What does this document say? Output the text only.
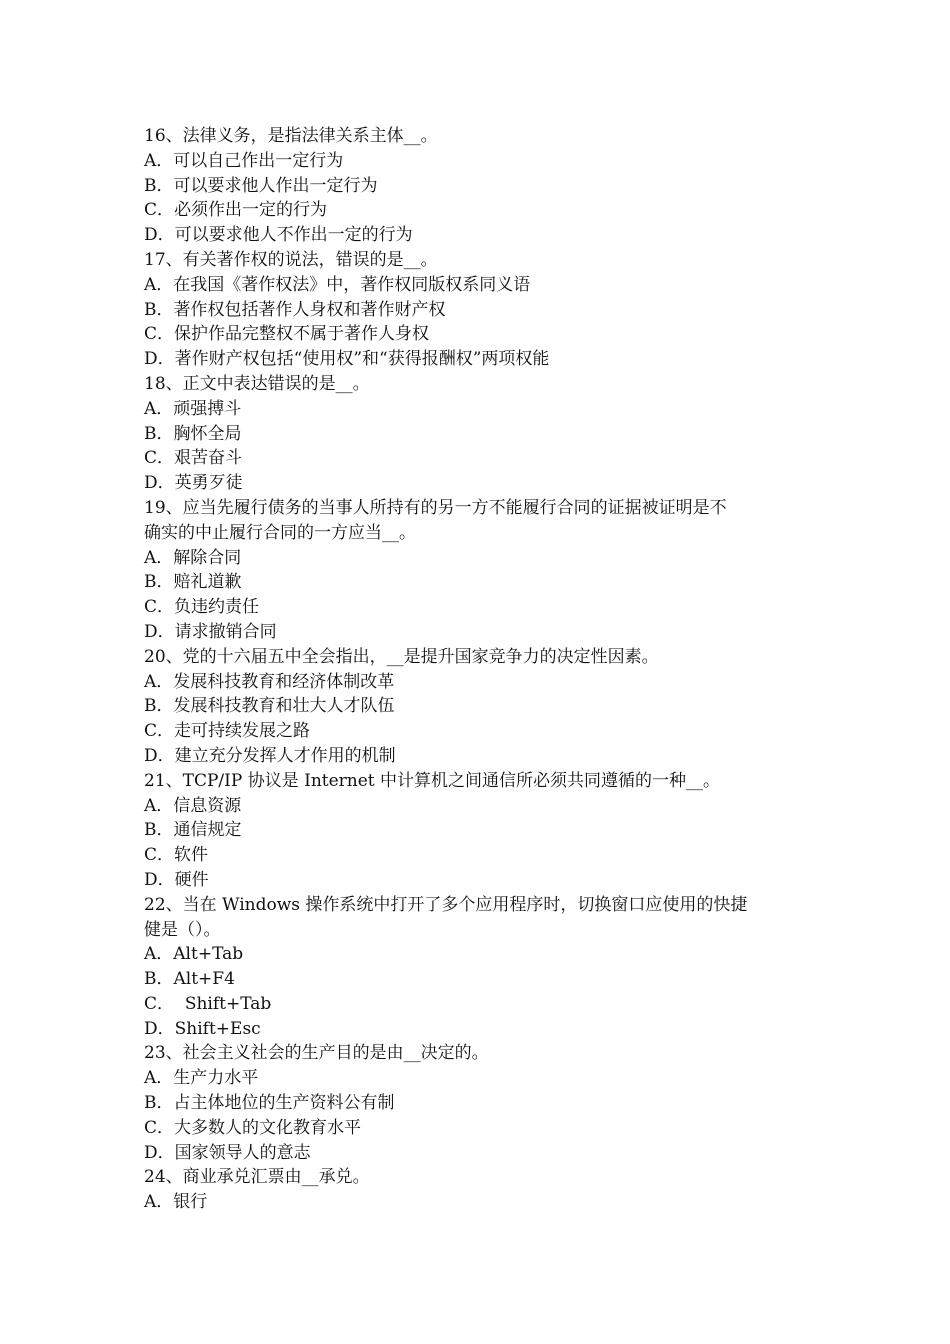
16、法律义务，是指法律关系主体__。
A．可以自己作出一定行为
B．可以要求他人作出一定行为
C．必须作出一定的行为
D．可以要求他人不作出一定的行为
17、有关著作权的说法，错误的是__。
A．在我国《著作权法》中，著作权同版权系同义语
B．著作权包括著作人身权和著作财产权
C．保护作品完整权不属于著作人身权
D．著作财产权包括“使用权”和“获得报酬权”两项权能
18、正文中表达错误的是__。
A．顽强搏斗
B．胸怀全局
C．艰苦奋斗
D．英勇歹徒
19、应当先履行债务的当事人所持有的另一方不能履行合同的证据被证明是不
确实的中止履行合同的一方应当__。
A．解除合同
B．赔礼道歉
C．负违约责任
D．请求撤销合同
20、党的十六届五中全会指出，__是提升国家竞争力的决定性因素。
A．发展科技教育和经济体制改革
B．发展科技教育和壮大人才队伍
C．走可持续发展之路
D．建立充分发挥人才作用的机制
21、TCP/IP 协议是 Internet 中计算机之间通信所必须共同遵循的一种__。
A．信息资源
B．通信规定
C．软件
D．硬件
22、当在 Windows 操作系统中打开了多个应用程序时，切换窗口应使用的快捷
健是（）。
A．Alt+Tab
B．Alt+F4
C．  Shift+Tab
D．Shift+Esc
23、社会主义社会的生产目的是由__决定的。
A．生产力水平
B．占主体地位的生产资料公有制
C．大多数人的文化教育水平
D．国家领导人的意志
24、商业承兑汇票由__承兑。
A．银行
